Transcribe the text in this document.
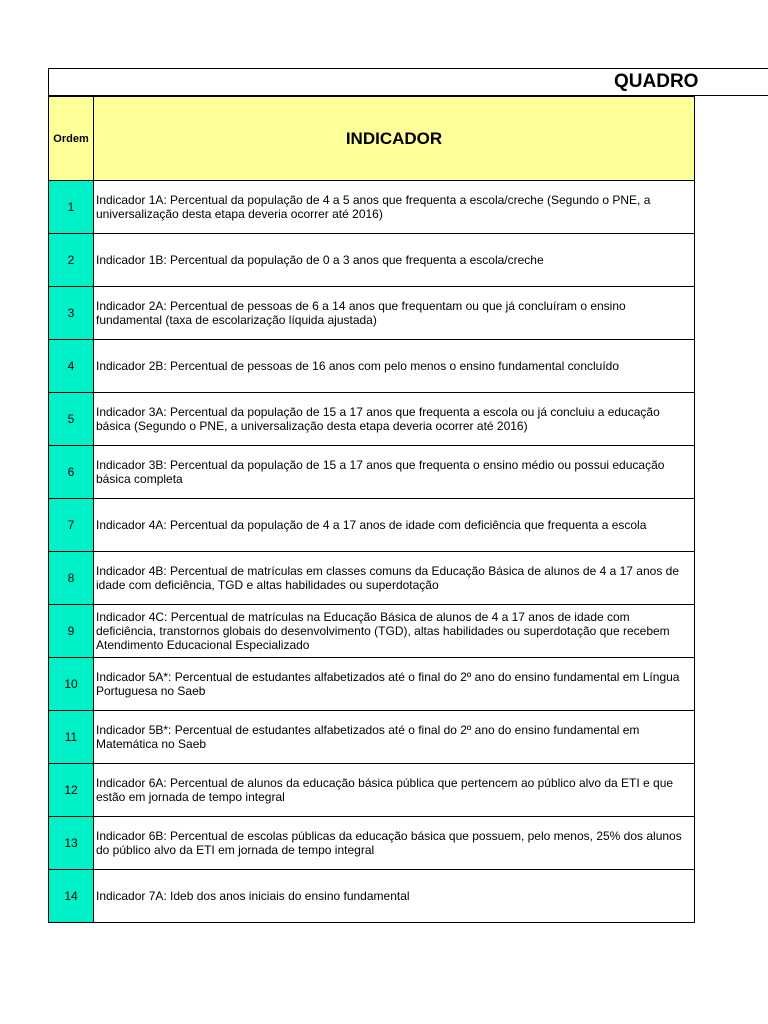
QUADRO
Ordem	INDICADOR
1	Indicador 1A: Percentual da população de 4 a 5 anos que frequenta a escola/creche (Segundo o PNE, a universalização desta etapa deveria ocorrer até 2016)
2	Indicador 1B: Percentual da população de 0 a 3 anos que frequenta a escola/creche
3	Indicador 2A: Percentual de pessoas de 6 a 14 anos que frequentam ou que já concluíram o ensino fundamental (taxa de escolarização líquida ajustada)
4	Indicador 2B: Percentual de pessoas de 16 anos com pelo menos o ensino fundamental concluído
5	Indicador 3A: Percentual da população de 15 a 17 anos que frequenta a escola ou já concluiu a educação básica (Segundo o PNE, a universalização desta etapa deveria ocorrer até 2016)
6	Indicador 3B: Percentual da população de 15 a 17 anos que frequenta o ensino médio ou possui educação básica completa
7	Indicador 4A: Percentual da população de 4 a 17 anos de idade com deficiência que frequenta a escola
8	Indicador 4B: Percentual de matrículas em classes comuns da Educação Básica de alunos de 4 a 17 anos de idade com deficiência, TGD e altas habilidades ou superdotação
9	Indicador 4C: Percentual de matrículas na Educação Básica de alunos de 4 a 17 anos de idade com deficiência, transtornos globais do desenvolvimento (TGD), altas habilidades ou superdotação que recebem Atendimento Educacional Especializado
10	Indicador 5A*: Percentual de estudantes alfabetizados até o final do 2º ano do ensino fundamental em Língua Portuguesa no Saeb
11	Indicador 5B*: Percentual de estudantes alfabetizados até o final do 2º ano do ensino fundamental em Matemática no Saeb
12	Indicador 6A: Percentual de alunos da educação básica pública que pertencem ao público alvo da ETI e que estão em jornada de tempo integral
13	Indicador 6B: Percentual de escolas públicas da educação básica que possuem, pelo menos, 25% dos alunos do público alvo da ETI em jornada de tempo integral
14	Indicador 7A: Ideb dos anos iniciais do ensino fundamental
